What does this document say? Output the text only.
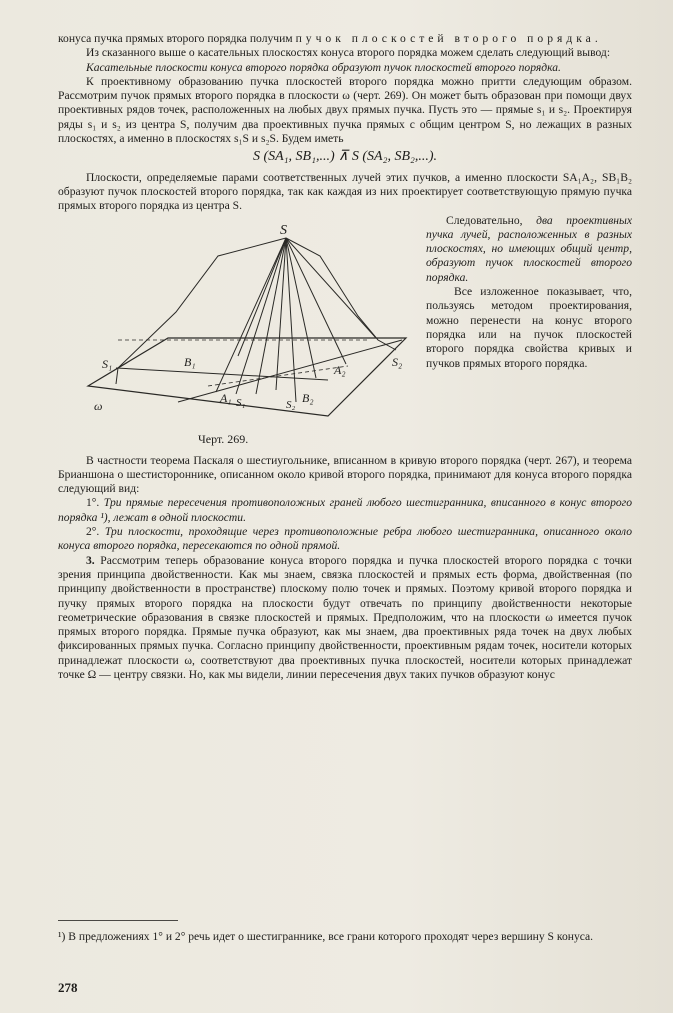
конуса пучка прямых второго порядка получим пучок плоскостей второго порядка.

Из сказанного выше о касательных плоскостях конуса второго порядка можем сделать следующий вывод:

Касательные плоскости конуса второго порядка образуют пучок плоскостей второго порядка.

К проективному образованию пучка плоскостей второго порядка можно притти следующим образом. Рассмотрим пучок прямых второго порядка в плоскости ω (черт. 269). Он может быть образован при помощи двух проективных рядов точек, расположенных на любых двух прямых пучка. Пусть это — прямые s₁ и s₂. Проектируя ряды s₁ и s₂ из центра S, получим два проективных пучка прямых с общим центром S, но лежащих в разных плоскостях, а именно в плоскостях s₁S и s₂S. Будем иметь

S (SA₁, SB₁,...) ⊼ S (SA₂, SB₂,...).

Плоскости, определяемые парами соответственных лучей этих пучков, а именно плоскости SA₁A₂, SB₁B₂ образуют пучок плоскостей второго порядка, так как каждая из них проектирует соответствующую прямую пучка прямых второго порядка из центра S.

S
S₁	S₂
B₁
A₂
A₁ S₁	S₂ B₂
ω
Черт. 269.

Следовательно, два проективных пучка лучей, расположенных в разных плоскостях, но имеющих общий центр, образуют пучок плоскостей второго порядка.

Все изложенное показывает, что, пользуясь методом проектирования, можно перенести на конус второго порядка или на пучок плоскостей второго порядка свойства кривых и пучков прямых второго порядка.

В частности теорема Паскаля о шестиугольнике, вписанном в кривую второго порядка (черт. 267), и теорема Брианшона о шестистороннике, описанном около кривой второго порядка, принимают для конуса второго порядка следующий вид:

1°. Три прямые пересечения противоположных граней любого шестигранника, вписанного в конус второго порядка ¹), лежат в одной плоскости.

2°. Три плоскости, проходящие через противоположные ребра любого шестигранника, описанного около конуса второго порядка, пересекаются по одной прямой.

3. Рассмотрим теперь образование конуса второго порядка и пучка плоскостей второго порядка с точки зрения принципа двойственности. Как мы знаем, связка плоскостей и прямых есть форма, двойственная (по принципу двойственности в пространстве) плоскому полю точек и прямых. Поэтому кривой второго порядка и пучку прямых второго порядка на плоскости будут отвечать по принципу двойственности некоторые геометрические образования в связке плоскостей и прямых. Предположим, что на плоскости ω имеется пучок прямых второго порядка. Прямые пучка образуют, как мы знаем, два проективных ряда точек на двух любых фиксированных прямых пучка. Согласно принципу двойственности, проективным рядам точек, носители которых принадлежат плоскости ω, соответствуют два проективных пучка плоскостей, носители которых принадлежат точке Ω — центру связки. Но, как мы видели, линии пересечения двух таких пучков образуют конус

¹) В предложениях 1° и 2° речь идет о шестиграннике, все грани которого проходят через вершину S конуса.
278
